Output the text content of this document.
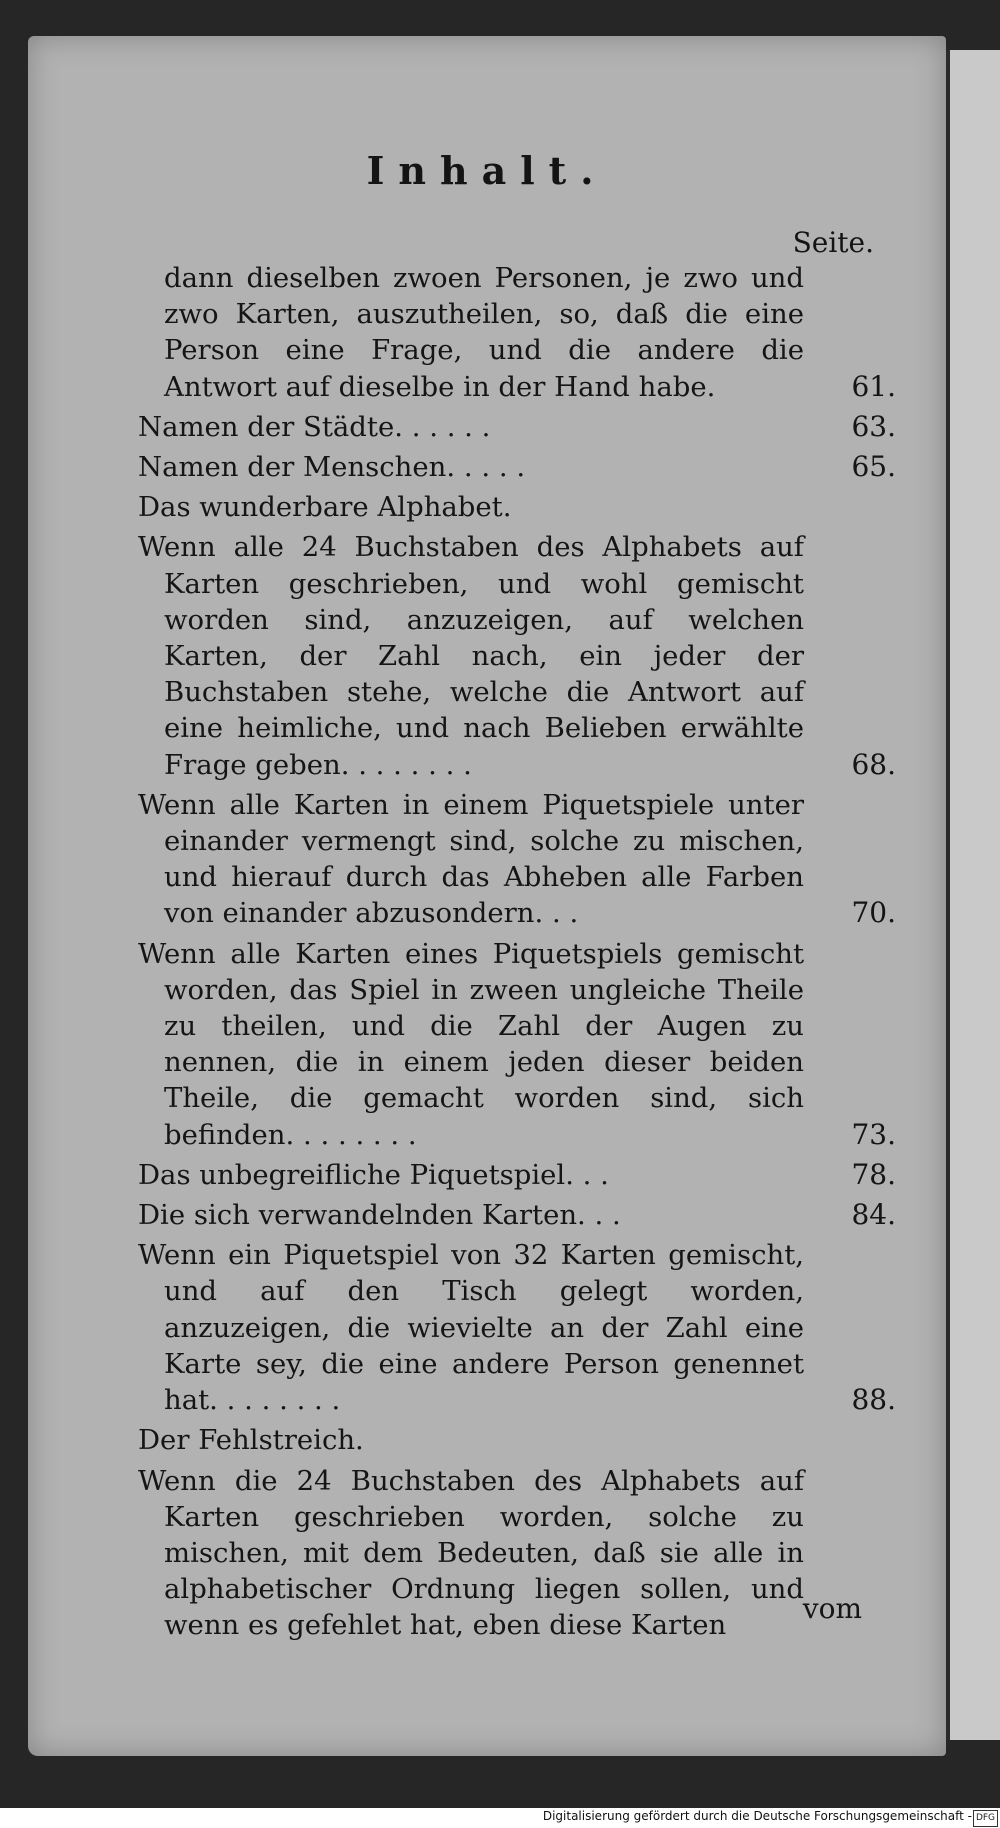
Inhalt.
Seite.
dann dieselben zwoen Personen, je zwo und zwo Karten, auszutheilen, so, daß die eine Person eine Frage, und die andere die Antwort auf dieselbe in der Hand habe.	61.
Namen der Städte. . . . . .	63.
Namen der Menschen. . . . .	65.
Das wunderbare Alphabet.
Wenn alle 24 Buchstaben des Alphabets auf Karten geschrieben, und wohl gemischt worden sind, anzuzeigen, auf welchen Karten, der Zahl nach, ein jeder der Buchstaben stehe, welche die Antwort auf eine heimliche, und nach Belieben erwählte Frage geben. . . . . . . .	68.
Wenn alle Karten in einem Piquetspiele unter einander vermengt sind, solche zu mischen, und hierauf durch das Abheben alle Farben von einander abzusondern. . .	70.
Wenn alle Karten eines Piquetspiels gemischt worden, das Spiel in zween ungleiche Theile zu theilen, und die Zahl der Augen zu nennen, die in einem jeden dieser beiden Theile, die gemacht worden sind, sich befinden. . . . . . . .	73.
Das unbegreifliche Piquetspiel. . .	78.
Die sich verwandelnden Karten. . .	84.
Wenn ein Piquetspiel von 32 Karten gemischt, und auf den Tisch gelegt worden, anzuzeigen, die wievielte an der Zahl eine Karte sey, die eine andere Person genennet hat. . . . . . . .	88.
Der Fehlstreich.
Wenn die 24 Buchstaben des Alphabets auf Karten geschrieben worden, solche zu mischen, mit dem Bedeuten, daß sie alle in alphabetischer Ordnung liegen sollen, und wenn es gefehlet hat, eben diese Karten
vom
Digitalisierung gefördert durch die Deutsche Forschungsgemeinschaft - DFG
